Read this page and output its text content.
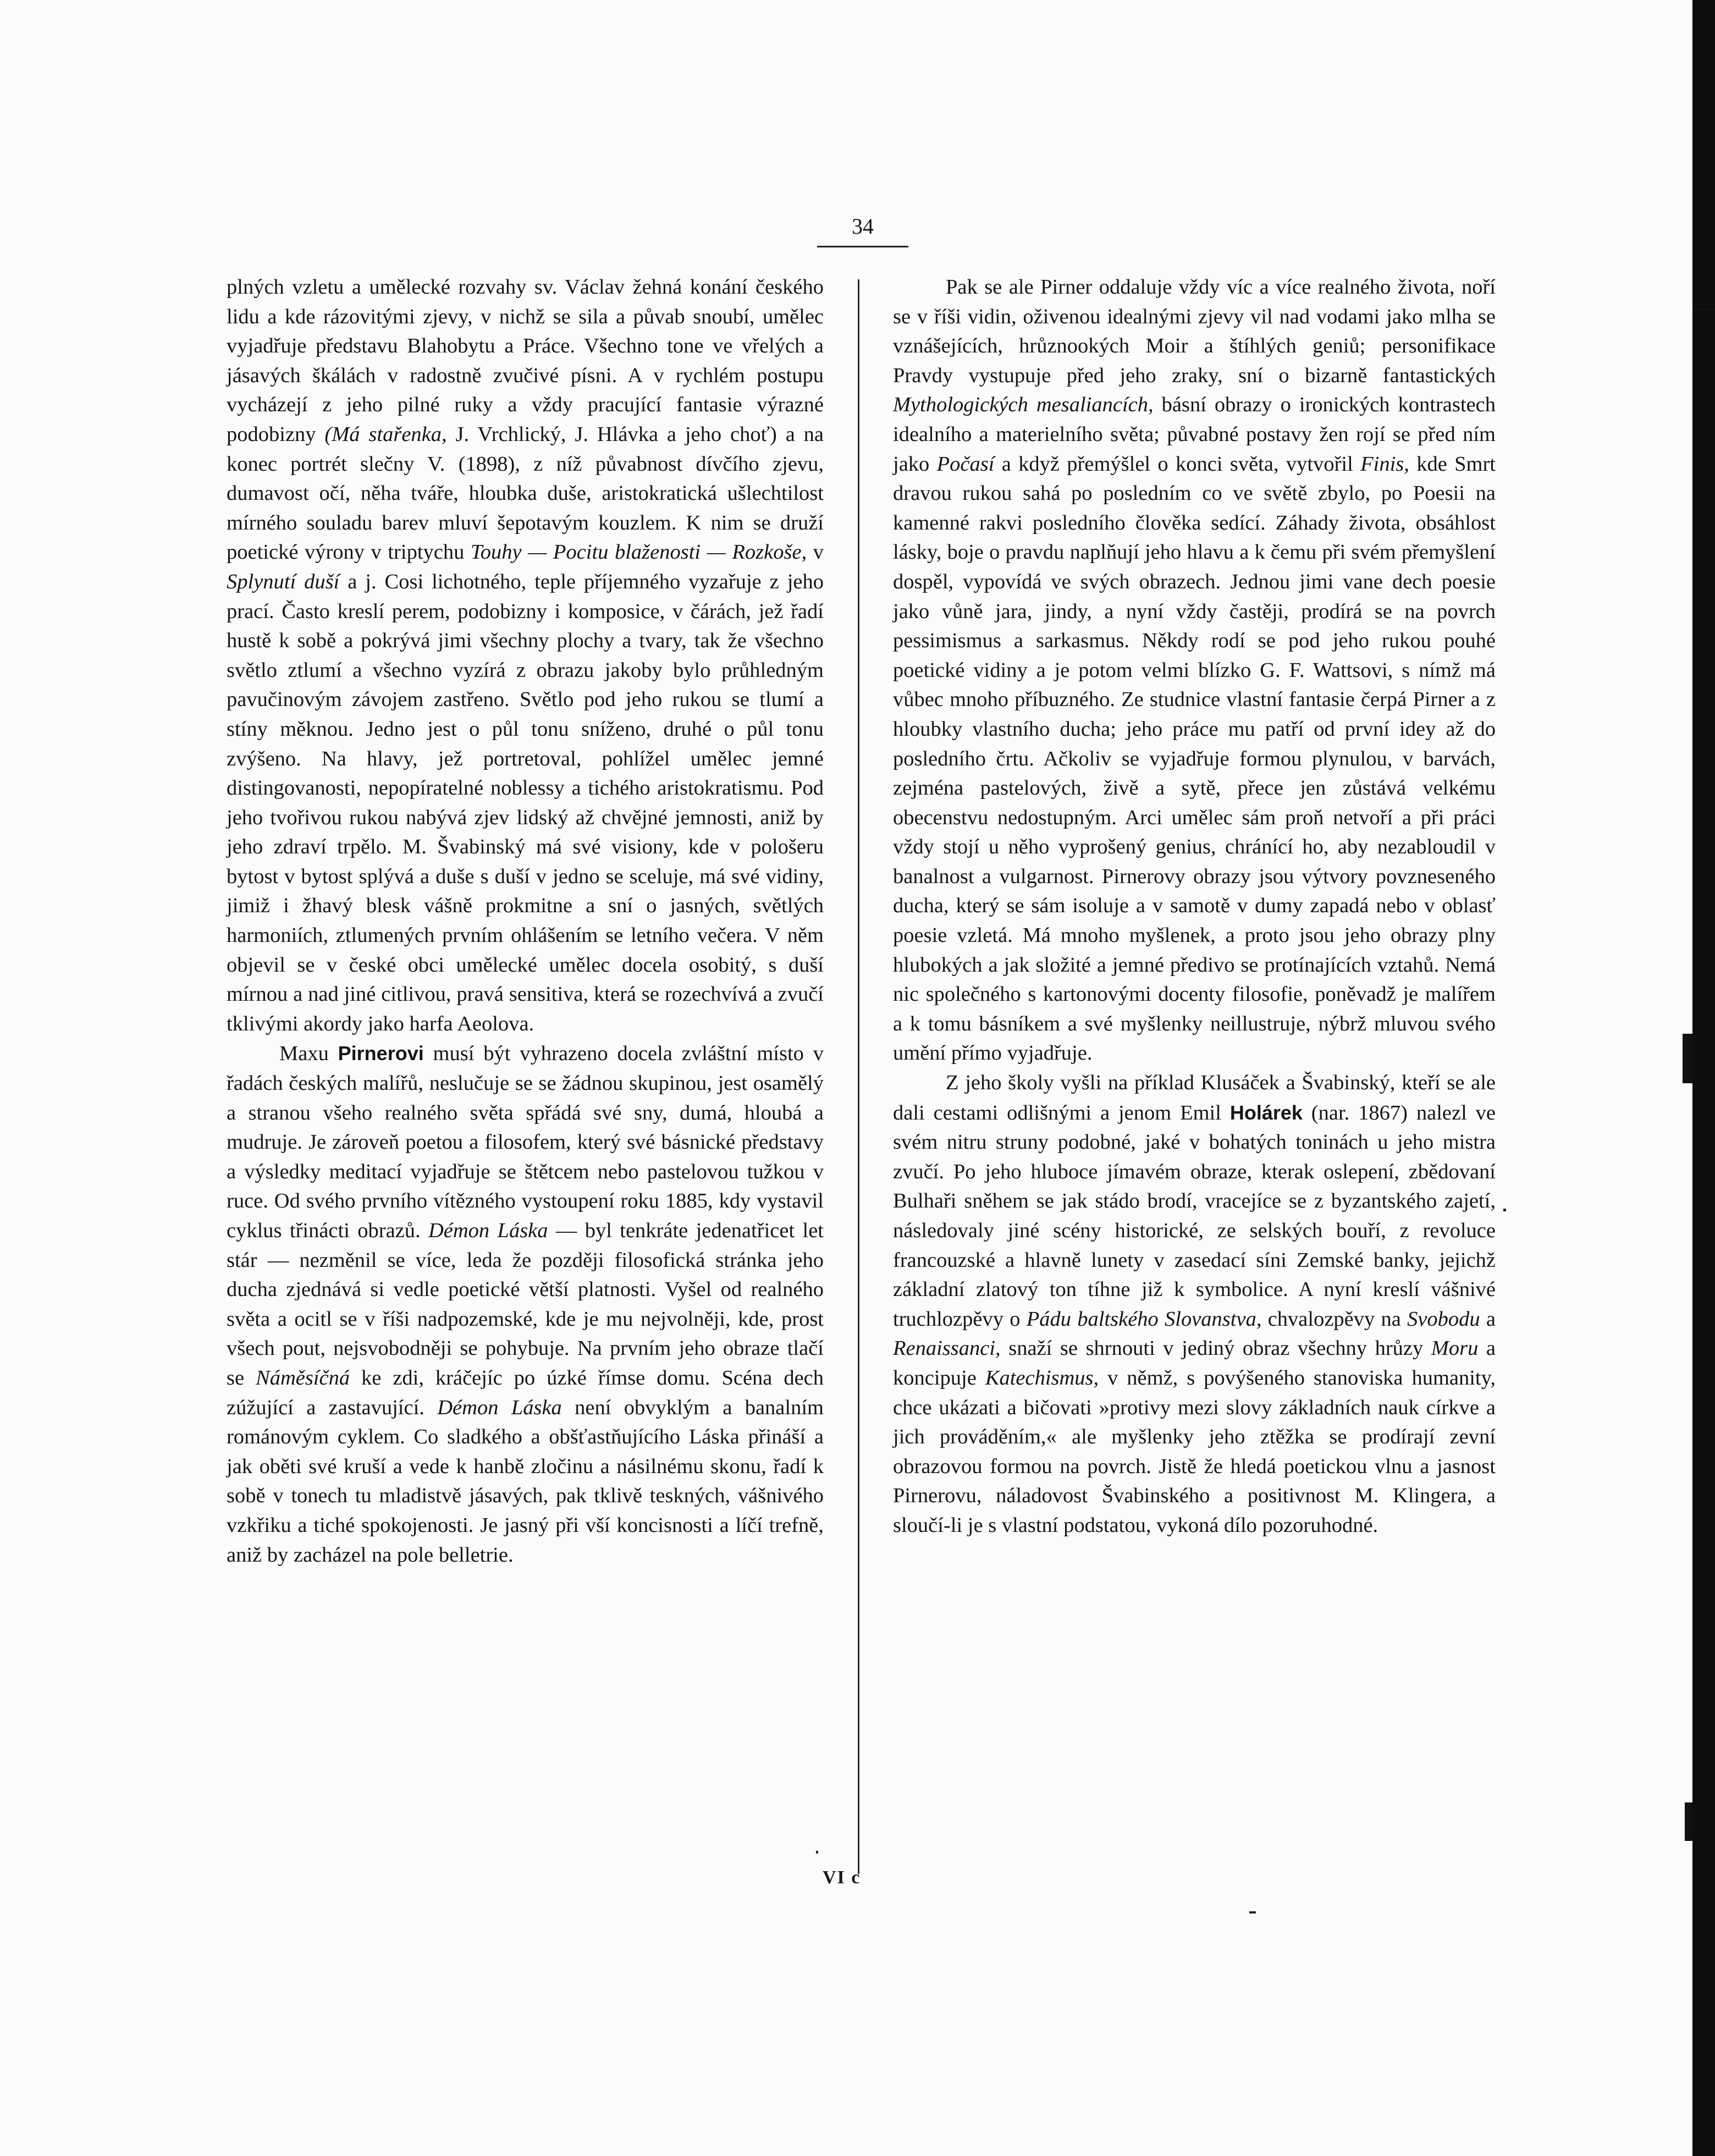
34

plných vzletu a umělecké rozvahy sv. Václav žehná konání českého lidu a kde rázovitými zjevy, v nichž se sila a půvab snoubí, umělec vyjadřuje představu Blahobytu a Práce. Všechno tone ve vřelých a jásavých škálách v radostně zvučivé písni. A v rychlém postupu vycházejí z jeho pilné ruky a vždy pracující fantasie výrazné podobizny (Má stařenka, J. Vrchlický, J. Hlávka a jeho choť) a na konec portrét slečny V. (1898), z níž půvabnost dívčího zjevu, dumavost očí, něha tváře, hloubka duše, aristokratická ušlechtilost mírného souladu barev mluví šepotavým kouzlem. K nim se druží poetické výrony v triptychu Touhy — Pocitu blaženosti — Rozkoše, v Splynutí duší a j. Cosi lichotného, teple příjemného vyzařuje z jeho prací. Často kreslí perem, podobizny i komposice, v čárách, jež řadí hustě k sobě a pokrývá jimi všechny plochy a tvary, tak že všechno světlo ztlumí a všechno vyzírá z obrazu jakoby bylo průhledným pavučinovým závojem zastřeno. Světlo pod jeho rukou se tlumí a stíny měknou. Jedno jest o půl tonu sníženo, druhé o půl tonu zvýšeno. Na hlavy, jež portretoval, pohlížel umělec jemné distingovanosti, nepopíratelné noblessy a tichého aristokratismu. Pod jeho tvořivou rukou nabývá zjev lidský až chvějné jemnosti, aniž by jeho zdraví trpělo. M. Švabinský má své visiony, kde v pološeru bytost v bytost splývá a duše s duší v jedno se sceluje, má své vidiny, jimiž i žhavý blesk vášně prokmitne a sní o jasných, světlých harmoniích, ztlumených prvním ohlášením se letního večera. V něm objevil se v české obci umělecké umělec docela osobitý, s duší mírnou a nad jiné citlivou, pravá sensitiva, která se rozechvívá a zvučí tklivými akordy jako harfa Aeolova.

Maxu Pirnerovi musí být vyhrazeno docela zvláštní místo v řadách českých malířů, neslučuje se se žádnou skupinou, jest osamělý a stranou všeho realného světa spřádá své sny, dumá, hloubá a mudruje. Je zároveň poetou a filosofem, který své básnické představy a výsledky meditací vyjadřuje se štětcem nebo pastelovou tužkou v ruce. Od svého prvního vítězného vystoupení roku 1885, kdy vystavil cyklus třinácti obrazů. Démon Láska — byl tenkráte jedenatřicet let stár — nezměnil se více, leda že později filosofická stránka jeho ducha zjednává si vedle poetické větší platnosti. Vyšel od realného světa a ocitl se v říši nadpozemské, kde je mu nejvolněji, kde, prost všech pout, nejsvobodněji se pohybuje. Na prvním jeho obraze tlačí se Náměsíčná ke zdi, kráčejíc po úzké římse domu. Scéna dech zúžující a zastavující. Démon Láska není obvyklým a banalním románovým cyklem. Co sladkého a obšťastňujícího Láska přináší a jak oběti své kruší a vede k hanbě zločinu a násilnému skonu, řadí k sobě v tonech tu mladistvě jásavých, pak tklivě teskných, vášnivého vzkřiku a tiché spokojenosti. Je jasný při vší koncisnosti a líčí trefně, aniž by zacházel na pole belletrie.

Pak se ale Pirner oddaluje vždy víc a více realného života, noří se v říši vidin, oživenou idealnými zjevy vil nad vodami jako mlha se vznášejících, hrůznookých Moir a štíhlých geniů; personifikace Pravdy vystupuje před jeho zraky, sní o bizarně fantastických Mythologických mesaliancích, básní obrazy o ironických kontrastech idealního a materielního světa; půvabné postavy žen rojí se před ním jako Počasí a když přemýšlel o konci světa, vytvořil Finis, kde Smrt dravou rukou sahá po posledním co ve světě zbylo, po Poesii na kamenné rakvi posledního člověka sedící. Záhady života, obsáhlost lásky, boje o pravdu naplňují jeho hlavu a k čemu při svém přemyšlení dospěl, vypovídá ve svých obrazech. Jednou jimi vane dech poesie jako vůně jara, jindy, a nyní vždy častěji, prodírá se na povrch pessimismus a sarkasmus. Někdy rodí se pod jeho rukou pouhé poetické vidiny a je potom velmi blízko G. F. Wattsovi, s nímž má vůbec mnoho příbuzného. Ze studnice vlastní fantasie čerpá Pirner a z hloubky vlastního ducha; jeho práce mu patří od první idey až do posledního črtu. Ačkoliv se vyjadřuje formou plynulou, v barvách, zejména pastelových, živě a sytě, přece jen zůstává velkému obecenstvu nedostupným. Arci umělec sám proň netvoří a při práci vždy stojí u něho vyprošený genius, chránící ho, aby nezabloudil v banalnost a vulgarnost. Pirnerovy obrazy jsou výtvory povzneseného ducha, který se sám isoluje a v samotě v dumy zapadá nebo v oblasť poesie vzletá. Má mnoho myšlenek, a proto jsou jeho obrazy plny hlubokých a jak složité a jemné předivo se protínajících vztahů. Nemá nic společného s kartonovými docenty filosofie, poněvadž je malířem a k tomu básníkem a své myšlenky neillustruje, nýbrž mluvou svého umění přímo vyjadřuje.

Z jeho školy vyšli na příklad Klusáček a Švabinský, kteří se ale dali cestami odlišnými a jenom Emil Holárek (nar. 1867) nalezl ve svém nitru struny podobné, jaké v bohatých toninách u jeho mistra zvučí. Po jeho hluboce jímavém obraze, kterak oslepení, zbědovaní Bulhaři sněhem se jak stádo brodí, vracejíce se z byzantského zajetí, následovaly jiné scény historické, ze selských bouří, z revoluce francouzské a hlavně lunety v zasedací síni Zemské banky, jejichž základní zlatový ton tíhne již k symbolice. A nyní kreslí vášnivé truchlozpěvy o Pádu baltského Slovanstva, chvalozpěvy na Svobodu a Renaissanci, snaží se shrnouti v jediný obraz všechny hrůzy Moru a koncipuje Katechismus, v němž, s povýšeného stanoviska humanity, chce ukázati a bičovati »protivy mezi slovy základních nauk církve a jich prováděním,« ale myšlenky jeho ztěžka se prodírají zevní obrazovou formou na povrch. Jistě že hledá poetickou vlnu a jasnost Pirnerovu, náladovost Švabinského a positivnost M. Klingera, a sloučí-li je s vlastní podstatou, vykoná dílo pozoruhodné.

VI c
